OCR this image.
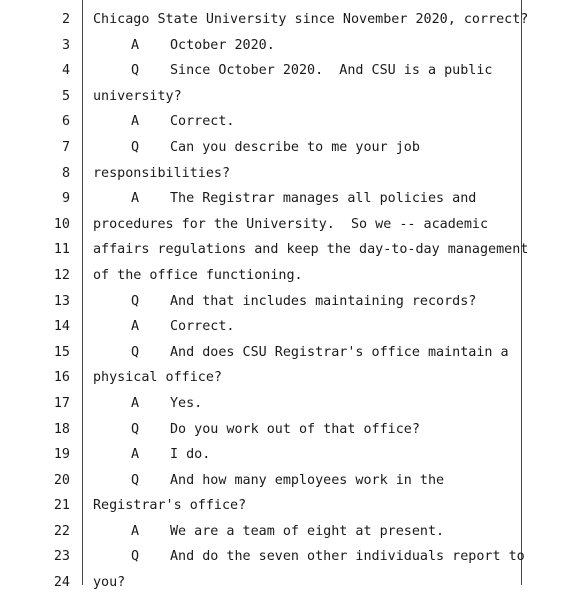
2 Chicago State University since November 2020, correct?
3	A October 2020.
4	Q Since October 2020.  And CSU is a public
5 university?
6	A Correct.
7	Q Can you describe to me your job
8 responsibilities?
9	A The Registrar manages all policies and
10 procedures for the University.  So we -- academic
11 affairs regulations and keep the day-to-day management
12 of the office functioning.
13	Q And that includes maintaining records?
14	A Correct.
15	Q And does CSU Registrar's office maintain a
16 physical office?
17	A Yes.
18	Q Do you work out of that office?
19	A I do.
20	Q And how many employees work in the
21 Registrar's office?
22	A We are a team of eight at present.
23	Q And do the seven other individuals report to
24 you?
